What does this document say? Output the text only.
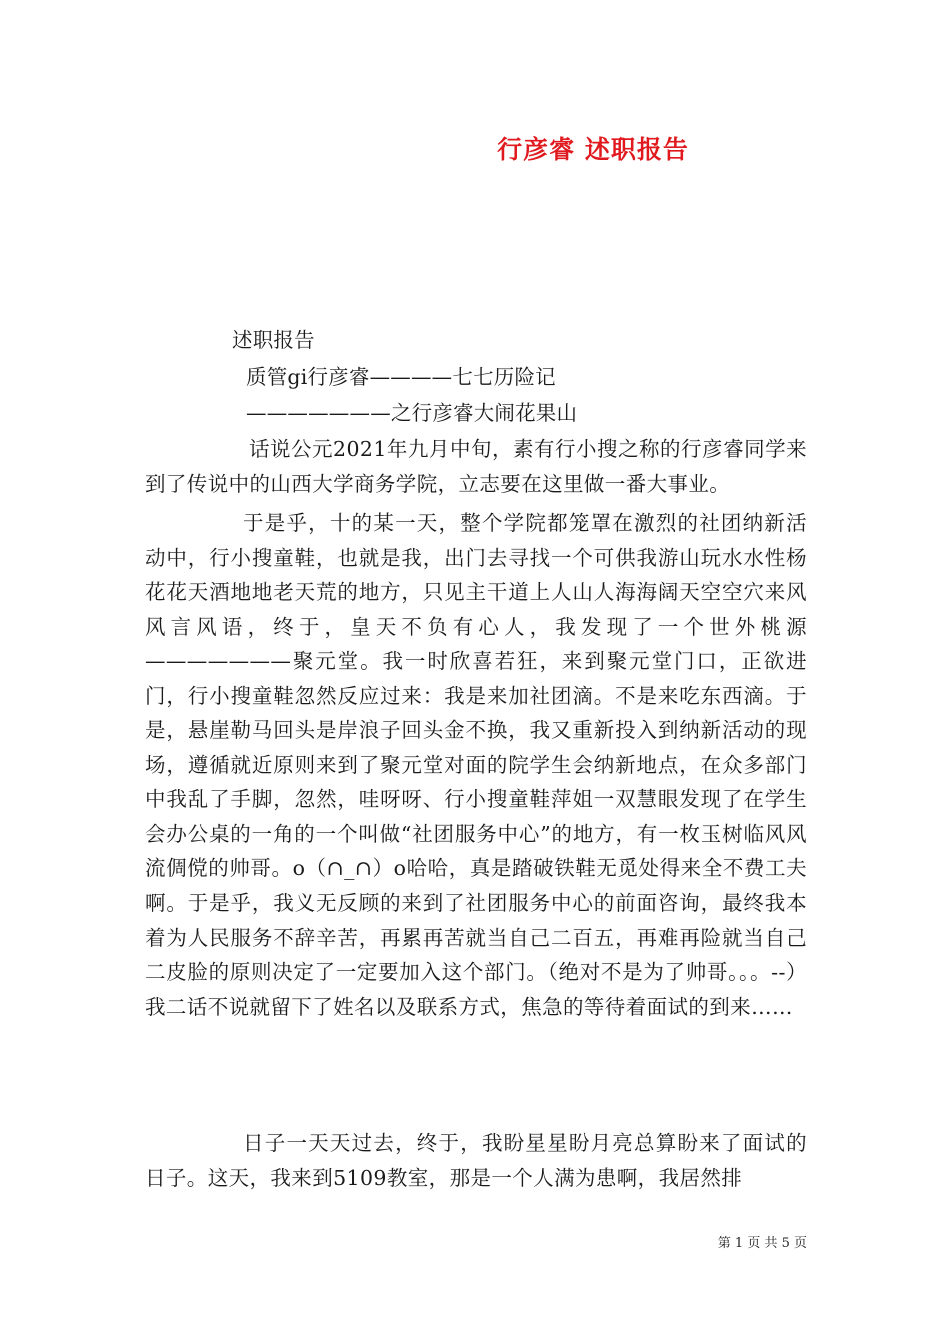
行彦睿 述职报告
述职报告
质管gi行彦睿————七七历险记
———————之行彦睿大闹花果山
话说公元2021年九月中旬，素有行小搜之称的行彦睿同学来到了传说中的山西大学商务学院，立志要在这里做一番大事业。
于是乎，十的某一天，整个学院都笼罩在激烈的社团纳新活动中，行小搜童鞋，也就是我，出门去寻找一个可供我游山玩水水性杨花花天酒地地老天荒的地方，只见主干道上人山人海海阔天空空穴来风风言风语，终于，皇天不负有心人，我发现了一个世外桃源———————聚元堂。我一时欣喜若狂，来到聚元堂门口，正欲进门，行小搜童鞋忽然反应过来：我是来加社团滴。不是来吃东西滴。于是，悬崖勒马回头是岸浪子回头金不换，我又重新投入到纳新活动的现场，遵循就近原则来到了聚元堂对面的院学生会纳新地点，在众多部门中我乱了手脚，忽然，哇呀呀、行小搜童鞋萍姐一双慧眼发现了在学生会办公桌的一角的一个叫做“社团服务中心”的地方，有一枚玉树临风风流倜傥的帅哥。o（∩_∩）o哈哈，真是踏破铁鞋无觅处得来全不费工夫啊。于是乎，我义无反顾的来到了社团服务中心的前面咨询，最终我本着为人民服务不辞辛苦，再累再苦就当自己二百五，再难再险就当自己二皮脸的原则决定了一定要加入这个部门。（绝对不是为了帅哥。。。--）我二话不说就留下了姓名以及联系方式，焦急的等待着面试的到来……
日子一天天过去，终于，我盼星星盼月亮总算盼来了面试的日子。这天，我来到5109教室，那是一个人满为患啊，我居然排
第 1 页 共 5 页
